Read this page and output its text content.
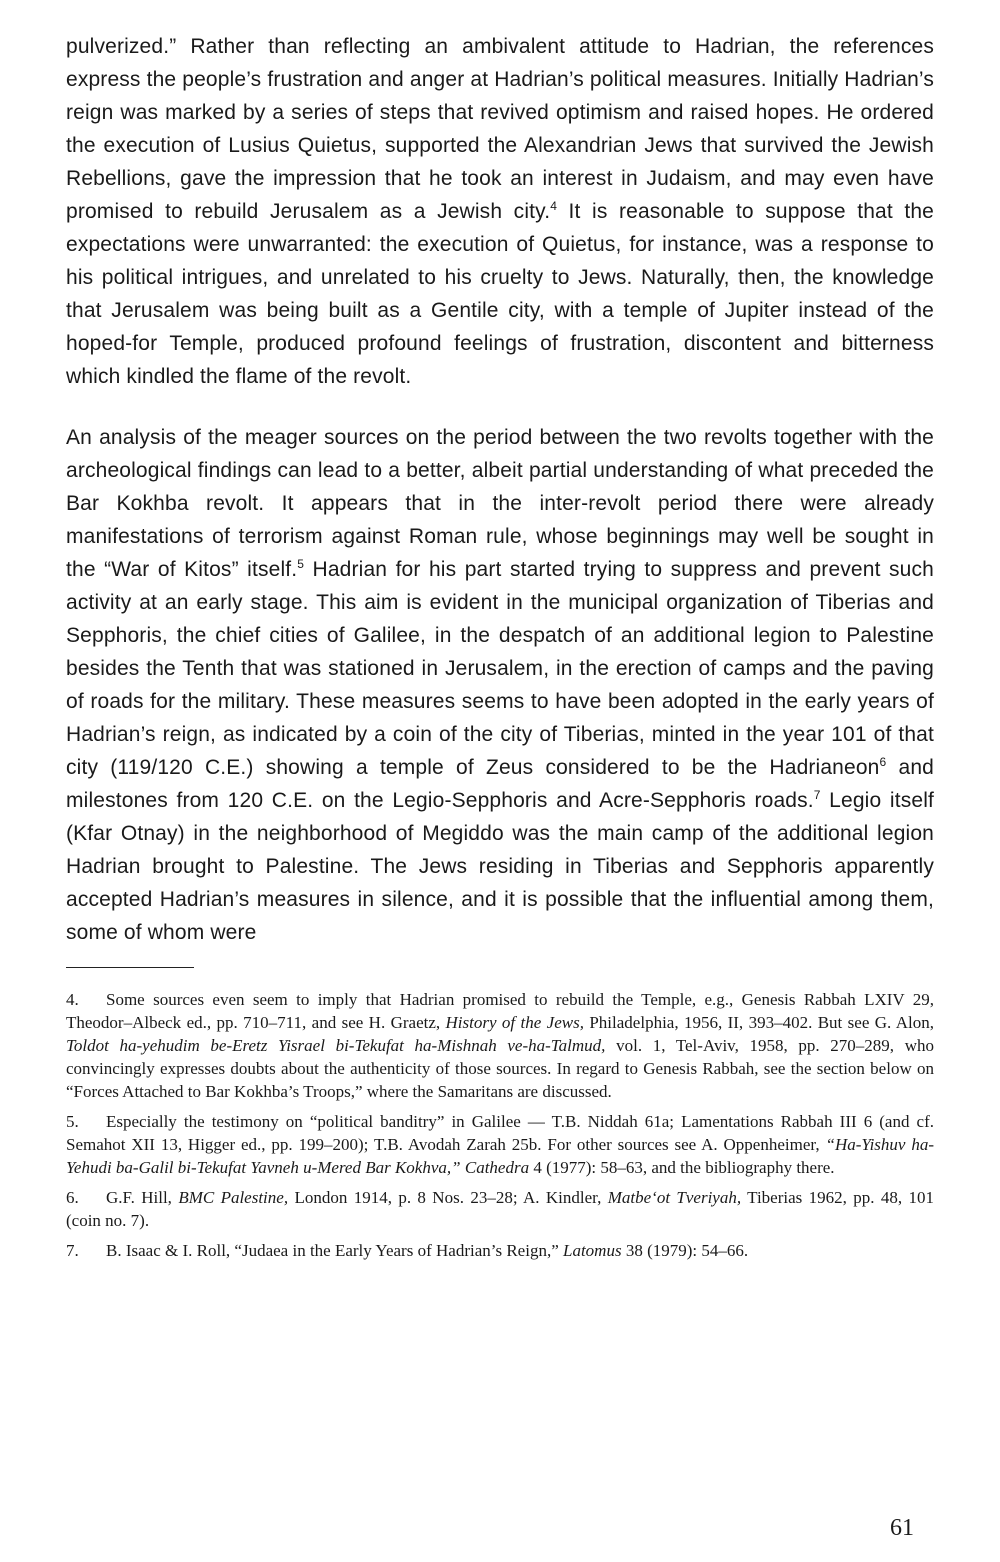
pulverized.” Rather than reflecting an ambivalent attitude to Hadrian, the references express the people’s frustration and anger at Hadrian’s political measures. Initially Hadrian’s reign was marked by a series of steps that revived optimism and raised hopes. He ordered the execution of Lusius Quietus, supported the Alexandrian Jews that survived the Jewish Rebellions, gave the impression that he took an interest in Judaism, and may even have promised to rebuild Jerusalem as a Jewish city.$^4$ It is reasonable to suppose that the expectations were unwarranted: the execution of Quietus, for instance, was a response to his political intrigues, and unrelated to his cruelty to Jews. Naturally, then, the knowledge that Jerusalem was being built as a Gentile city, with a temple of Jupiter instead of the hoped-for Temple, produced profound feelings of frustration, discontent and bitterness which kindled the flame of the revolt.

An analysis of the meager sources on the period between the two revolts together with the archeological findings can lead to a better, albeit partial understanding of what preceded the Bar Kokhba revolt. It appears that in the inter-revolt period there were already manifestations of terrorism against Roman rule, whose beginnings may well be sought in the “War of Kitos” itself.$^5$ Hadrian for his part started trying to suppress and prevent such activity at an early stage. This aim is evident in the municipal organization of Tiberias and Sepphoris, the chief cities of Galilee, in the despatch of an additional legion to Palestine besides the Tenth that was stationed in Jerusalem, in the erection of camps and the paving of roads for the military. These measures seems to have been adopted in the early years of Hadrian’s reign, as indicated by a coin of the city of Tiberias, minted in the year 101 of that city (119/120 C.E.) showing a temple of Zeus considered to be the Hadrianeon$^6$ and milestones from 120 C.E. on the Legio-Sepphoris and Acre-Sepphoris roads.$^7$ Legio itself (Kfar Otnay) in the neighborhood of Megiddo was the main camp of the additional legion Hadrian brought to Palestine. The Jews residing in Tiberias and Sepphoris apparently accepted Hadrian’s measures in silence, and it is possible that the influential among them, some of whom were

4. Some sources even seem to imply that Hadrian promised to rebuild the Temple, e.g., Genesis Rabbah LXIV 29, Theodor–Albeck ed., pp. 710–711, and see H. Graetz, History of the Jews, Philadelphia, 1956, II, 393–402. But see G. Alon, Toldot ha-yehudim be-Eretz Yisrael bi-Tekufat ha-Mishnah ve-ha-Talmud, vol. 1, Tel-Aviv, 1958, pp. 270–289, who convincingly expresses doubts about the authenticity of those sources. In regard to Genesis Rabbah, see the section below on “Forces Attached to Bar Kokhba’s Troops,” where the Samaritans are discussed.

5. Especially the testimony on “political banditry” in Galilee — T.B. Niddah 61a; Lamentations Rabbah III 6 (and cf. Semahot XII 13, Higger ed., pp. 199–200); T.B. Avodah Zarah 25b. For other sources see A. Oppenheimer, “Ha-Yishuv ha-Yehudi ba-Galil bi-Tekufat Yavneh u-Mered Bar Kokhva,” Cathedra 4 (1977): 58–63, and the bibliography there.

6. G.F. Hill, BMC Palestine, London 1914, p. 8 Nos. 23–28; A. Kindler, Matbe‘ot Tveriyah, Tiberias 1962, pp. 48, 101 (coin no. 7).

7. B. Isaac & I. Roll, “Judaea in the Early Years of Hadrian’s Reign,” Latomus 38 (1979): 54–66.

61
